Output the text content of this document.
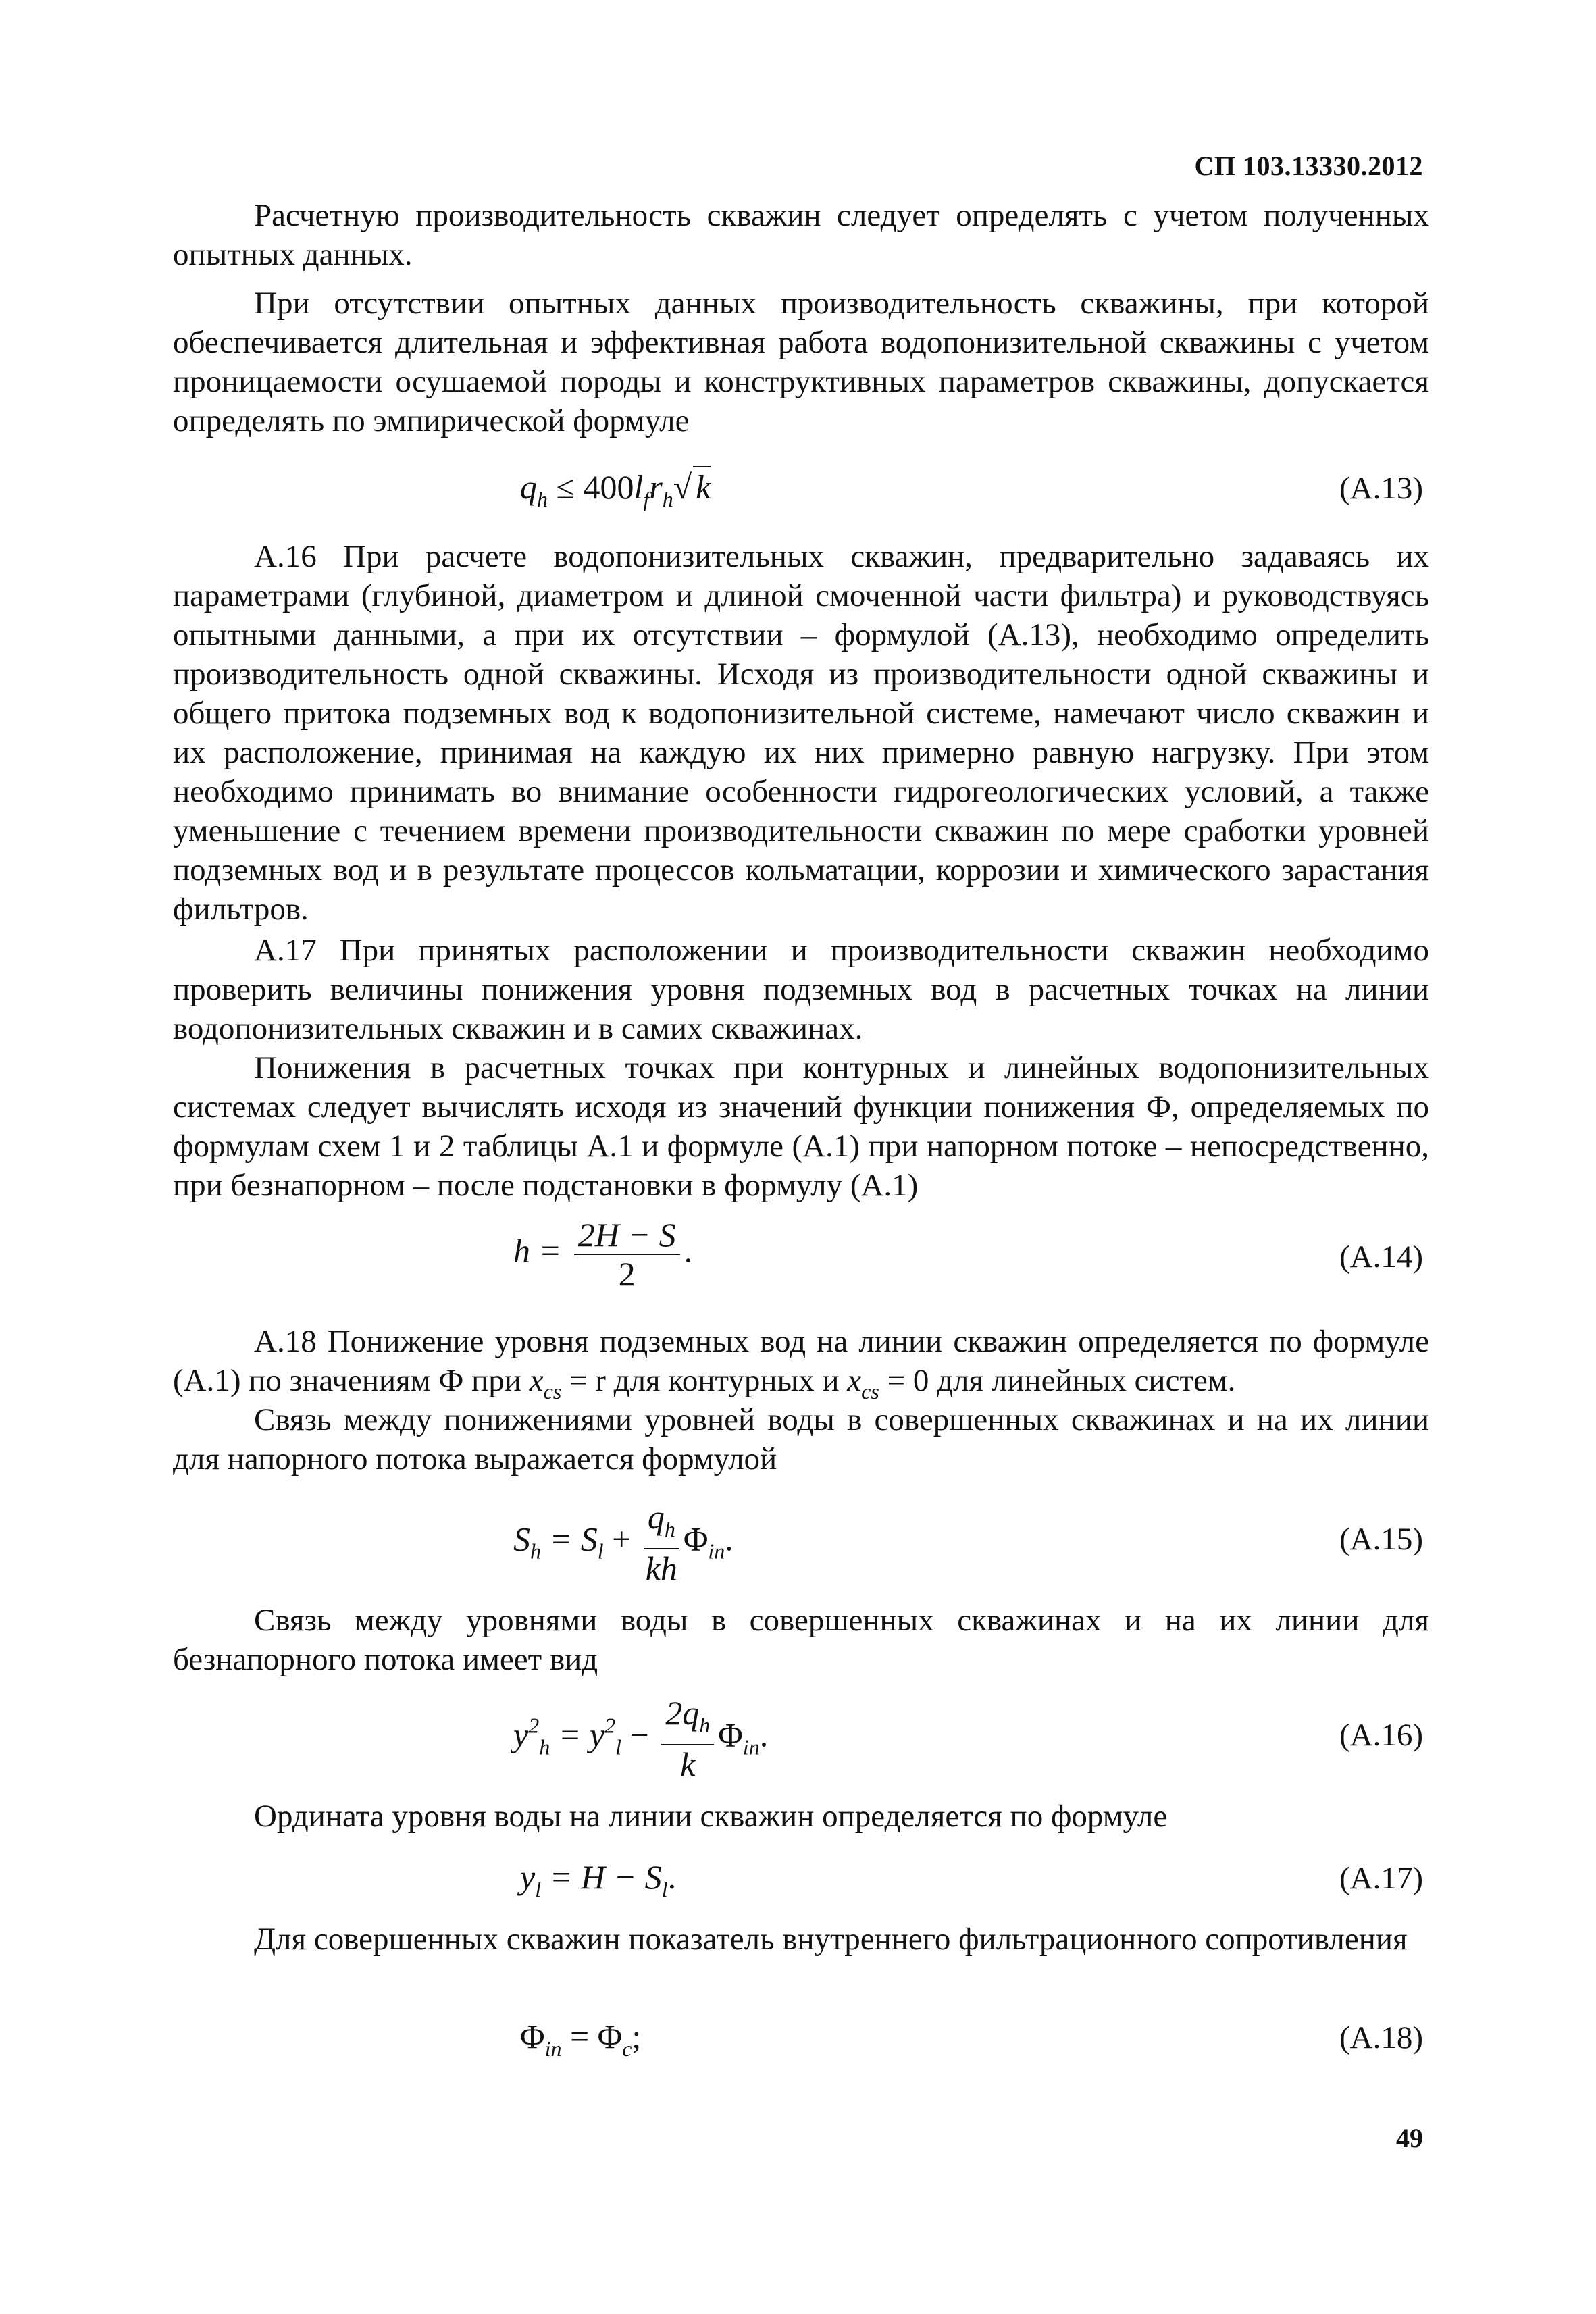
СП 103.13330.2012

Расчетную производительность скважин следует определять с учетом полученных опытных данных.

При отсутствии опытных данных производительность скважины, при которой обеспечивается длительная и эффективная работа водопонизительной скважины с учетом проницаемости осушаемой породы и конструктивных параметров скважины, допускается определять по эмпирической формуле

$q_h \le 400l_fr_h√$ k	(А.13)

А.16 При расчете водопонизительных скважин, предварительно задаваясь их параметрами (глубиной, диаметром и длиной смоченной части фильтра) и руководствуясь опытными данными, а при их отсутствии – формулой (А.13), необходимо определить производительность одной скважины. Исходя из производительности одной скважины и общего притока подземных вод к водопонизительной системе, намечают число скважин и их расположение, принимая на каждую их них примерно равную нагрузку. При этом необходимо принимать во внимание особенности гидрогеологических условий, а также уменьшение с течением времени производительности скважин по мере сработки уровней подземных вод и в результате процессов кольматации, коррозии и химического зарастания фильтров.

А.17 При принятых расположении и производительности скважин необходимо проверить величины понижения уровня подземных вод в расчетных точках на линии водопонизительных скважин и в самих скважинах.

Понижения в расчетных точках при контурных и линейных водопонизительных системах следует вычислять исходя из значений функции понижения Ф, определяемых по формулам схем 1 и 2 таблицы А.1 и формуле (А.1) при напорном потоке – непосредственно, при безнапорном – после подстановки в формулу (А.1)

$h = \frac{2H - S}{2}$ .	(А.14)

А.18 Понижение уровня подземных вод на линии скважин определяется по формуле (А.1) по значениям Ф при $x_{cs} = r$ для контурных и $x_{cs} = 0$ для линейных систем.

Связь между понижениями уровней воды в совершенных скважинах и на их линии для напорного потока выражается формулой

$S_h = S_l + \frac{q_h}{kh} \Phi_{in}$.	(А.15)

Связь между уровнями воды в совершенных скважинах и на их линии для безнапорного потока имеет вид

$y^2_h = y^2_l - \frac{2q_h}{k} \Phi_{in}$.	(А.16)

Ордината уровня воды на линии скважин определяется по формуле

$y_l = H - S_l$.	(А.17)

Для совершенных скважин показатель внутреннего фильтрационного сопротивления

$\Phi_{in} = \Phi_c$;	(А.18)
49
